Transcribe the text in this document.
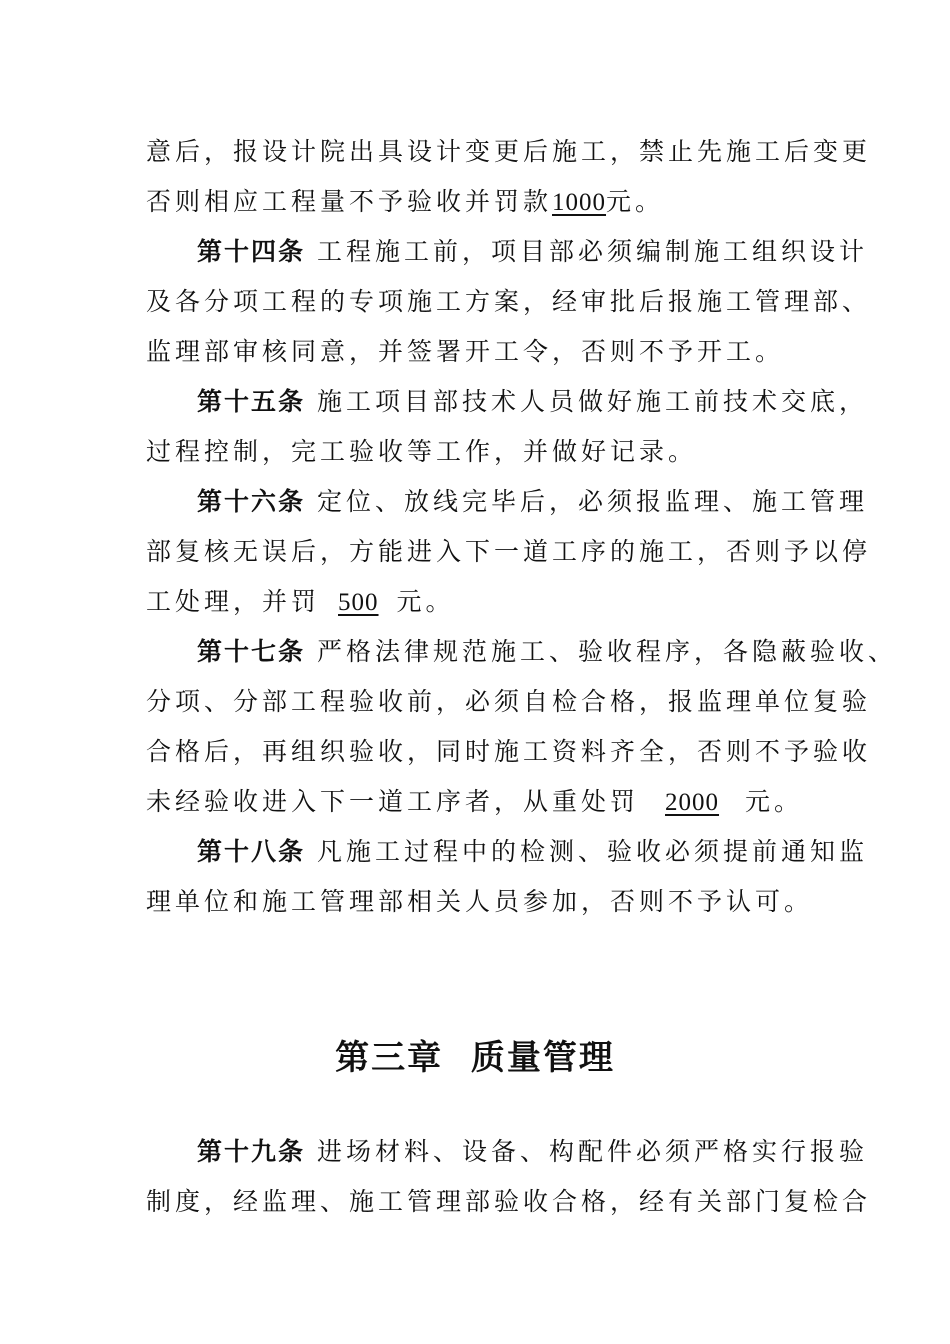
意后，报设计院出具设计变更后施工，禁止先施工后变更
否则相应工程量不予验收并罚款1000元。
第十四条 工程施工前，项目部必须编制施工组织设计
及各分项工程的专项施工方案，经审批后报施工管理部、
监理部审核同意，并签署开工令，否则不予开工。
第十五条 施工项目部技术人员做好施工前技术交底，
过程控制，完工验收等工作，并做好记录。
第十六条 定位、放线完毕后，必须报监理、施工管理
部复核无误后，方能进入下一道工序的施工，否则予以停
工处理，并罚 500 元。
第十七条 严格法律规范施工、验收程序，各隐蔽验收、
分项、分部工程验收前，必须自检合格，报监理单位复验
合格后，再组织验收，同时施工资料齐全，否则不予验收
未经验收进入下一道工序者，从重处罚 2000 元。
第十八条 凡施工过程中的检测、验收必须提前通知监
理单位和施工管理部相关人员参加，否则不予认可。
第三章  质量管理
第十九条 进场材料、设备、构配件必须严格实行报验
制度，经监理、施工管理部验收合格，经有关部门复检合
